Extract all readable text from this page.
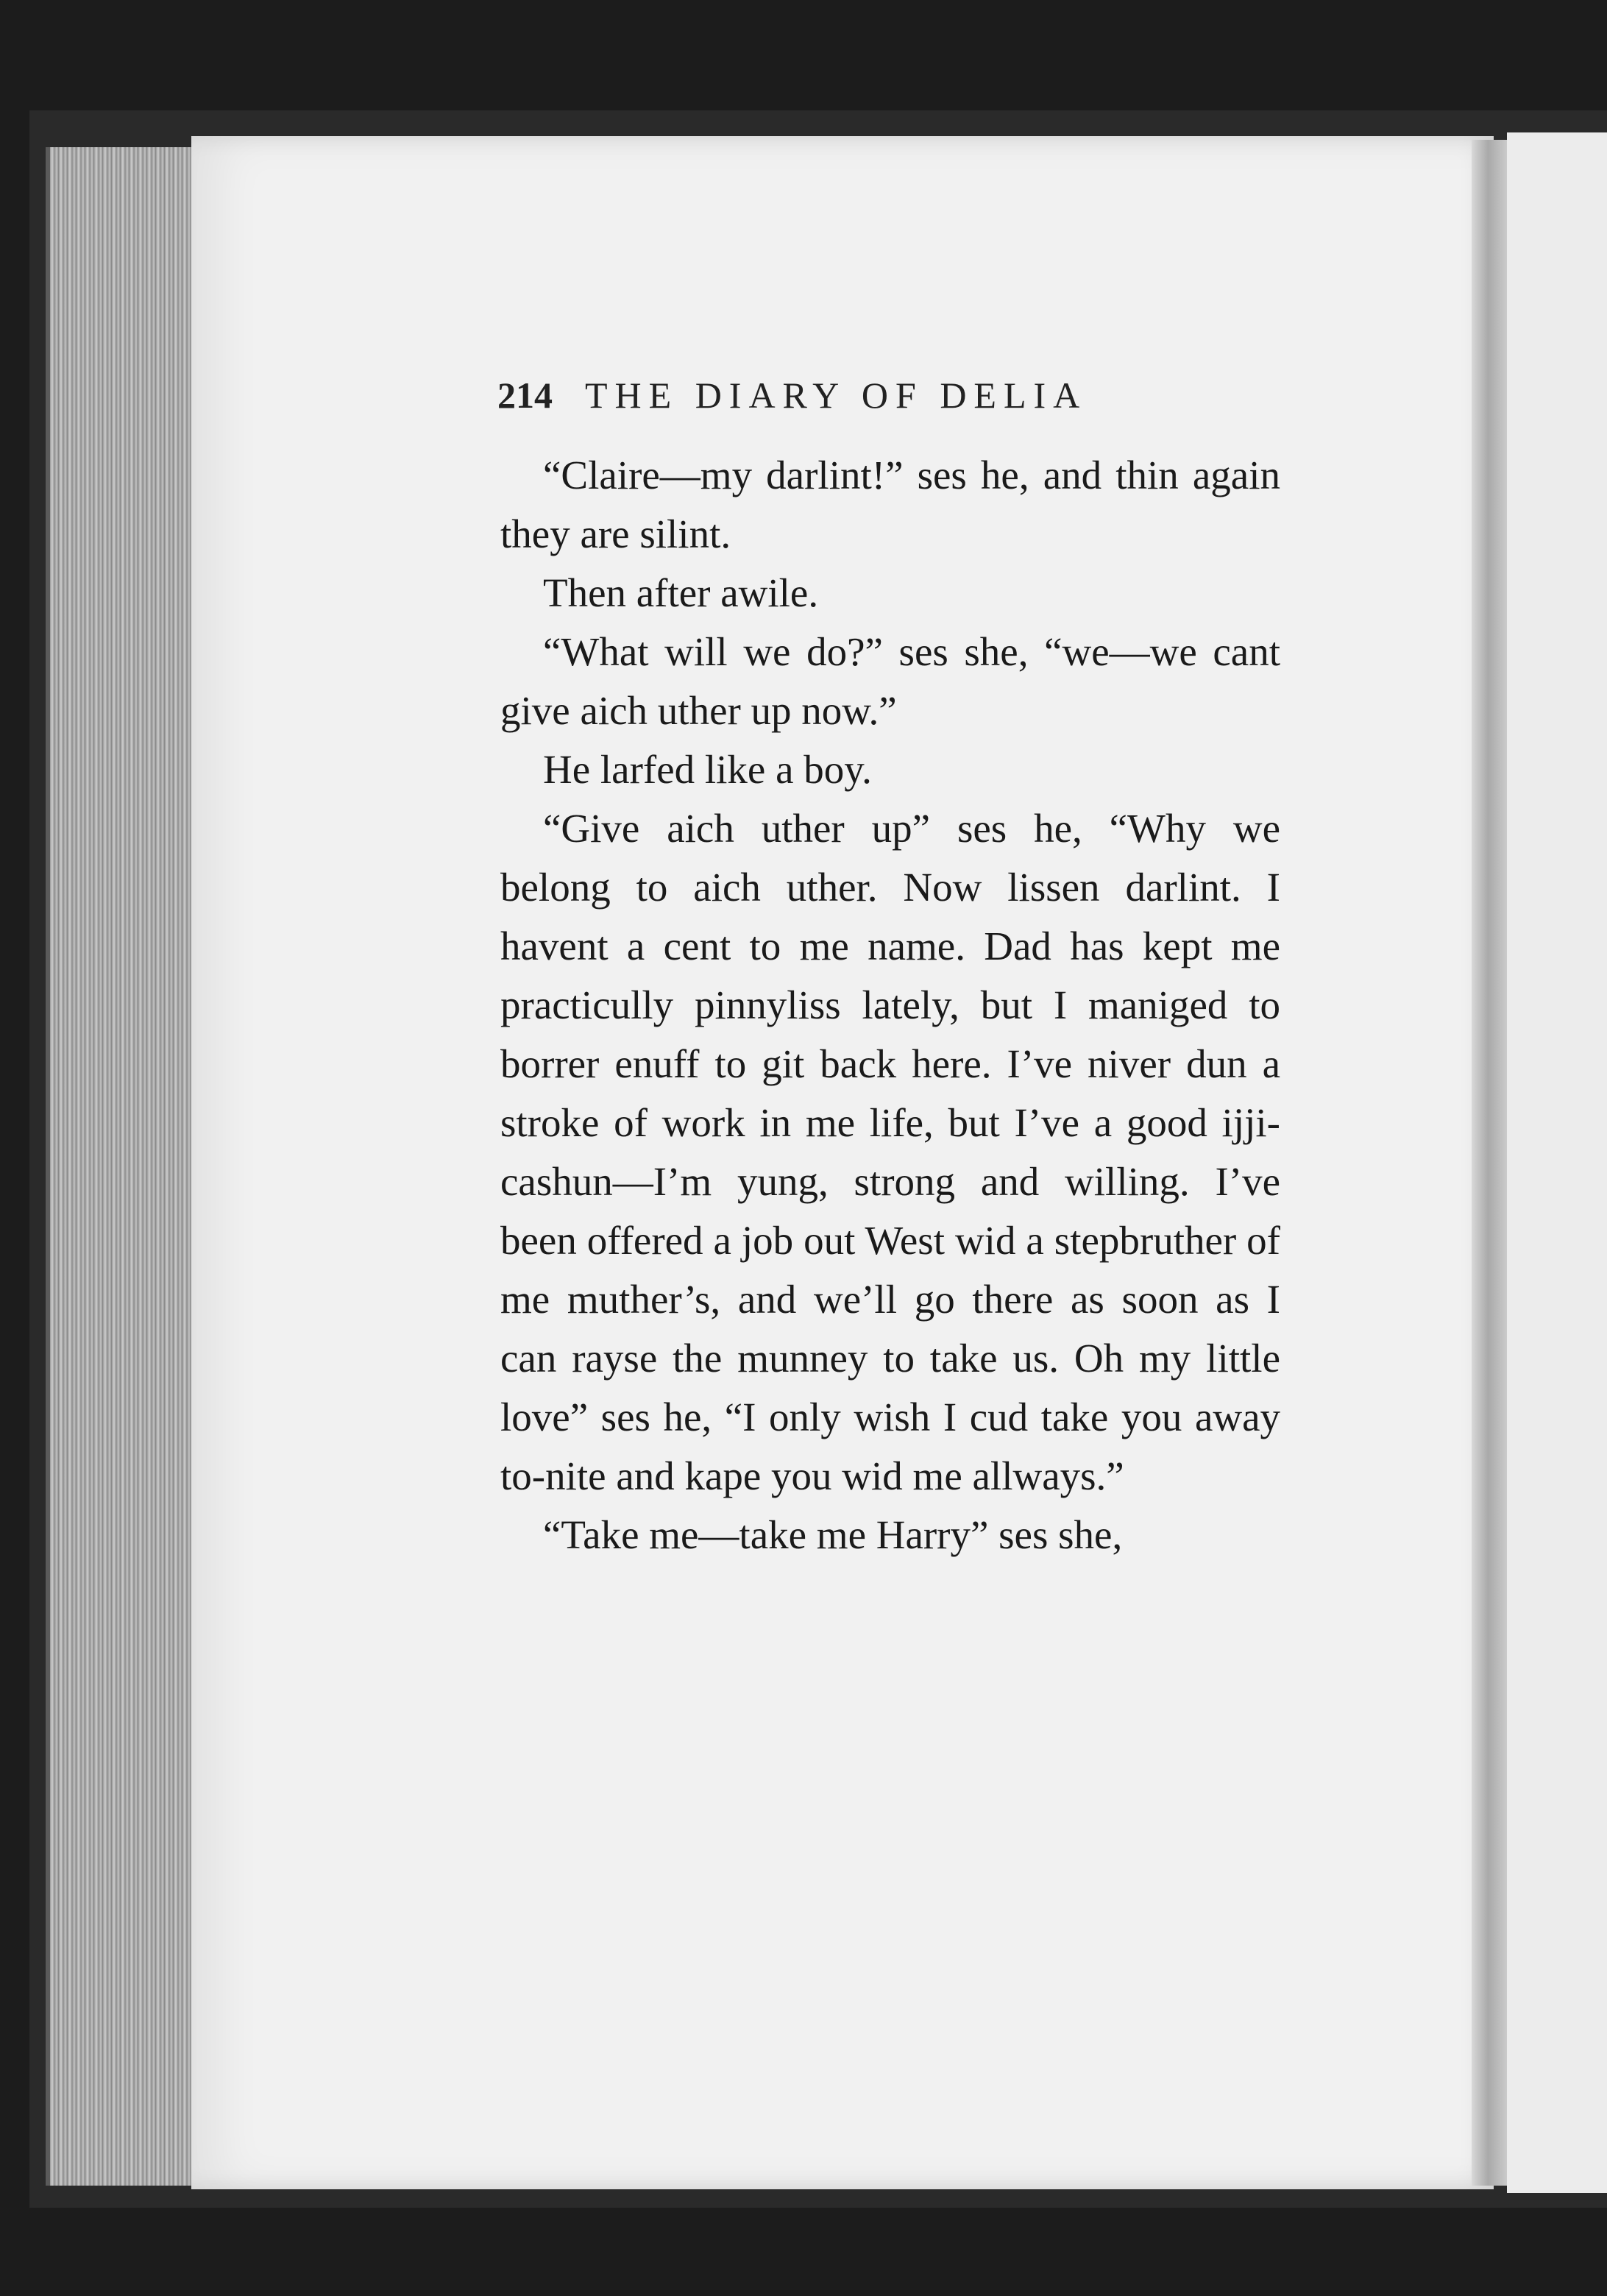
214 THE DIARY OF DELIA

“Claire—my darlint!” ses he, and thin again they are silint.

Then after awile.

“What will we do?” ses she, “we—we cant give aich uther up now.”

He larfed like a boy.

“Give aich uther up” ses he, “Why we belong to aich uther. Now lissen darlint. I havent a cent to me name. Dad has kept me practicully pinnyliss lately, but I maniged to borrer enuff to git back here. I’ve niver dun a stroke of work in me life, but I’ve a good ijji-cashun—I’m yung, strong and willing. I’ve been offered a job out West wid a stepbruther of me muther’s, and we’ll go there as soon as I can rayse the munney to take us. Oh my little love” ses he, “I only wish I cud take you away to-nite and kape you wid me allways.”

“Take me—take me Harry” ses she,
